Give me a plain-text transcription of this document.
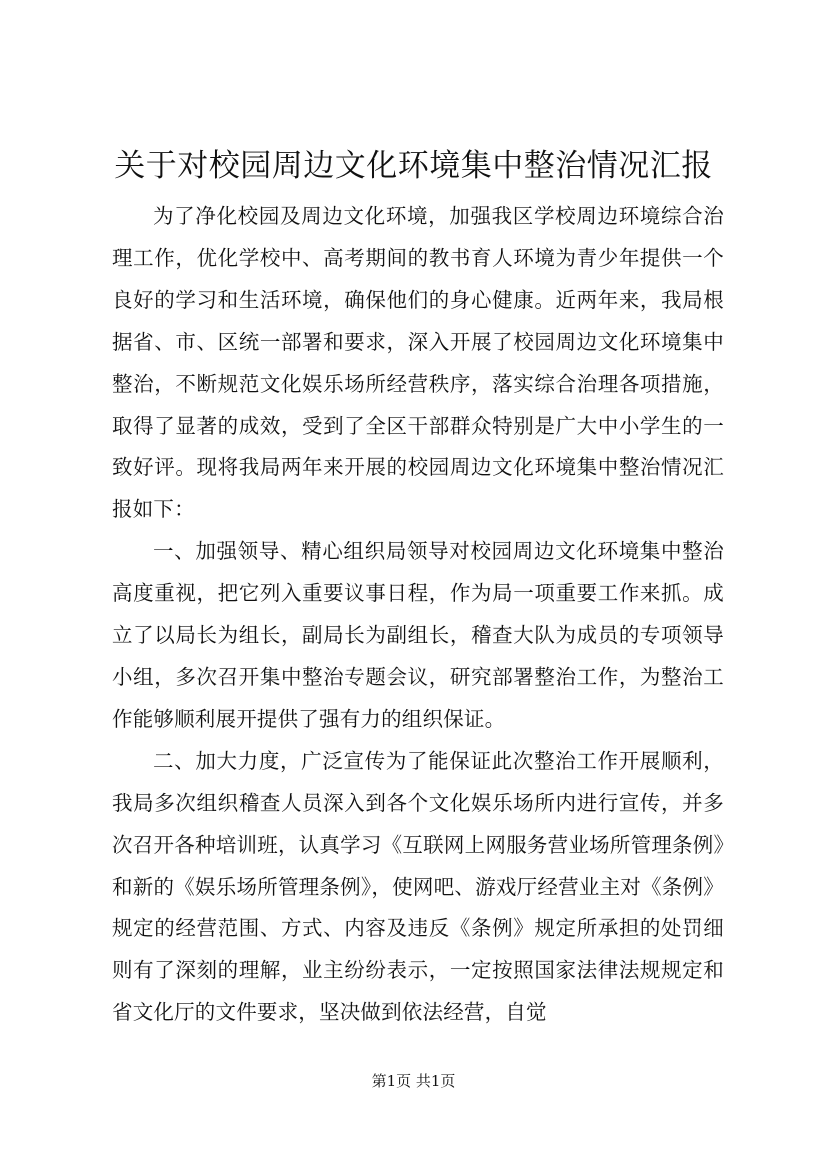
关于对校园周边文化环境集中整治情况汇报

为了净化校园及周边文化环境，加强我区学校周边环境综合治理工作，优化学校中、高考期间的教书育人环境为青少年提供一个良好的学习和生活环境，确保他们的身心健康。近两年来，我局根据省、市、区统一部署和要求，深入开展了校园周边文化环境集中整治，不断规范文化娱乐场所经营秩序，落实综合治理各项措施，取得了显著的成效，受到了全区干部群众特别是广大中小学生的一致好评。现将我局两年来开展的校园周边文化环境集中整治情况汇报如下：

一、加强领导、精心组织局领导对校园周边文化环境集中整治高度重视，把它列入重要议事日程，作为局一项重要工作来抓。成立了以局长为组长，副局长为副组长，稽查大队为成员的专项领导小组，多次召开集中整治专题会议，研究部署整治工作，为整治工作能够顺利展开提供了强有力的组织保证。

二、加大力度，广泛宣传为了能保证此次整治工作开展顺利，我局多次组织稽查人员深入到各个文化娱乐场所内进行宣传，并多次召开各种培训班，认真学习《互联网上网服务营业场所管理条例》和新的《娱乐场所管理条例》，使网吧、游戏厅经营业主对《条例》规定的经营范围、方式、内容及违反《条例》规定所承担的处罚细则有了深刻的理解，业主纷纷表示，一定按照国家法律法规规定和省文化厅的文件要求，坚决做到依法经营，自觉

第1页 共1页
